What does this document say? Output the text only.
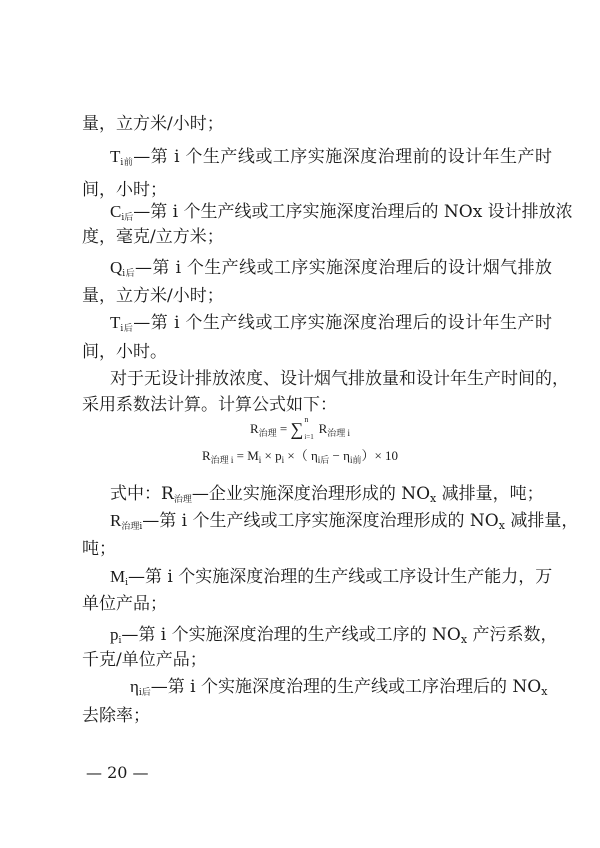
量，立方米/小时；
$T_{i前}—$第 i 个生产线或工序实施深度治理前的设计年生产时
间，小时；
$C_{i后}—$第 i 个生产线或工序实施深度治理后的 NOx 设计排放浓
度，毫克/立方米；
$Q_{i后}—$第 i 个生产线或工序实施深度治理后的设计烟气排放
量，立方米/小时；
$T_{i后}—$第 i 个生产线或工序实施深度治理后的设计年生产时
间，小时。
对于无设计排放浓度、设计烟气排放量和设计年生产时间的，
采用系数法计算。计算公式如下：
$R_{治理}$ = ∑ n
i=1
$R_{治理 i}$
$R_{治理 i} = M_i \times p_i$ ×（ $\eta_{i后} - \eta_{i前})\times 10$
式中：$R_{治理}—$企业实施深度治理形成的 NOx 减排量，吨；
$R_{治理i}—$第 i 个生产线或工序实施深度治理形成的 NOx 减排量，
吨；
$M_i—$第 i 个实施深度治理的生产线或工序设计生产能力，万
单位产品；
$p_i—$第 i 个实施深度治理的生产线或工序的 NOx 产污系数，
千克/单位产品；
$\eta_{i后}—$第 i 个实施深度治理的生产线或工序治理后的 NOx
去除率；
— 20 —
